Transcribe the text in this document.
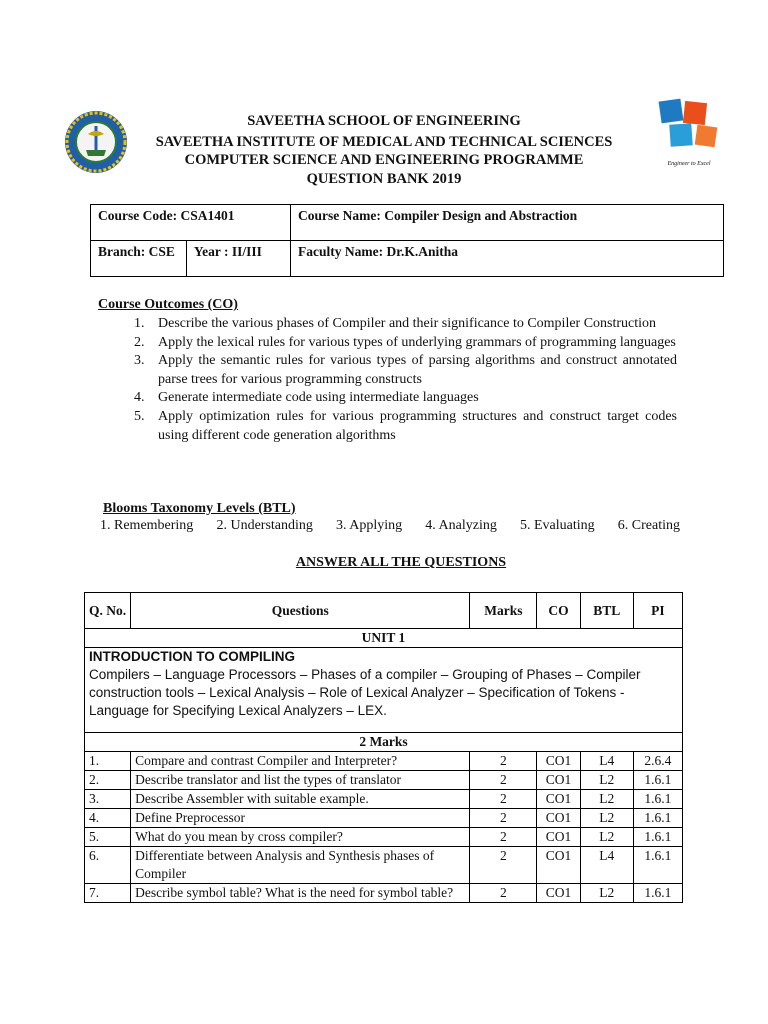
Engineer to Excel
SAVEETHA SCHOOL OF ENGINEERING
SAVEETHA INSTITUTE OF MEDICAL AND TECHNICAL SCIENCES
COMPUTER SCIENCE AND ENGINEERING PROGRAMME
QUESTION BANK 2019
Course Code: CSA1401		Course Name: Compiler Design and Abstraction
Branch: CSE	Year : II/III	Faculty Name: Dr.K.Anitha
Course Outcomes (CO)
1. Describe the various phases of Compiler and their significance to Compiler Construction
2. Apply the lexical rules for various types of underlying grammars of programming languages
3. Apply the semantic rules for various types of parsing algorithms and construct annotated parse trees for various programming constructs
4. Generate intermediate code using intermediate languages
5. Apply optimization rules for various programming structures and construct target codes using different code generation algorithms
Blooms Taxonomy Levels (BTL)
1. Remembering 2. Understanding 3. Applying 4. Analyzing 5. Evaluating 6. Creating
ANSWER ALL THE QUESTIONS
Q. No.	Questions	Marks	CO	BTL	PI
UNIT 1					

INTRODUCTION TO COMPILING
Compilers – Language Processors – Phases of a compiler – Grouping of Phases – Compiler construction tools – Lexical Analysis – Role of Lexical Analyzer – Specification of Tokens - Language for Specifying Lexical Analyzers – LEX.					

2 Marks					
1.	Compare and contrast Compiler and Interpreter?	2	CO1	L4	2.6.4
2.	Describe translator and list the types of translator	2	CO1	L2	1.6.1
3.	Describe Assembler with suitable example.	2	CO1	L2	1.6.1
4.	Define Preprocessor	2	CO1	L2	1.6.1
5.	What do you mean by cross compiler?	2	CO1	L2	1.6.1
6.	Differentiate between Analysis and Synthesis phases of Compiler	2	CO1	L4	1.6.1
7.	Describe symbol table? What is the need for symbol table?	2	CO1	L2	1.6.1
